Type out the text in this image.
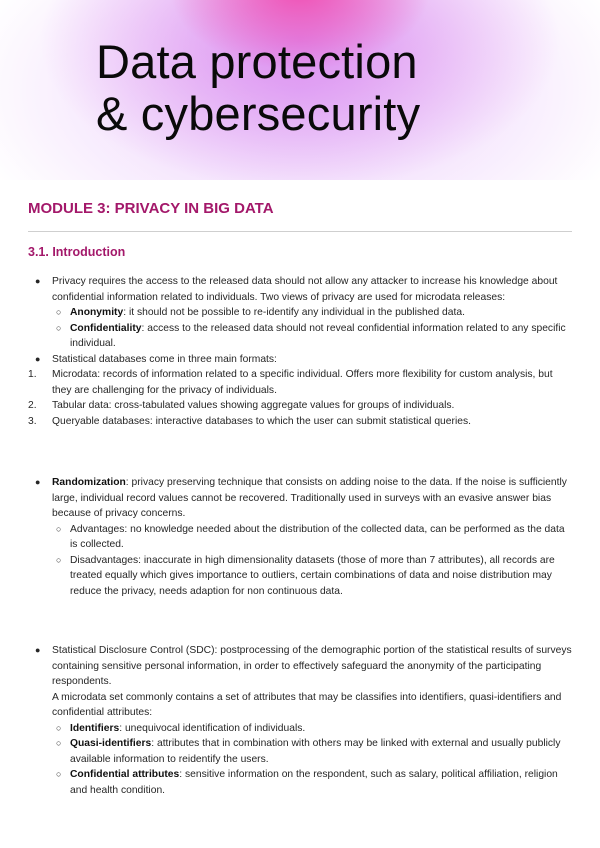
Data protection
& cybersecurity
MODULE 3: PRIVACY IN BIG DATA
3.1. Introduction
● Privacy requires the access to the released data should not allow any attacker to increase his knowledge about confidential information related to individuals. Two views of privacy are used for microdata releases:
○ Anonymity: it should not be possible to re-identify any individual in the published data.
○ Confidentiality: access to the released data should not reveal confidential information related to any specific individual.
● Statistical databases come in three main formats:
1. Microdata: records of information related to a specific individual. Offers more flexibility for custom analysis, but they are challenging for the privacy of individuals.
2. Tabular data: cross-tabulated values showing aggregate values for groups of individuals.
3. Queryable databases: interactive databases to which the user can submit statistical queries.
● Randomization: privacy preserving technique that consists on adding noise to the data. If the noise is sufficiently large, individual record values cannot be recovered. Traditionally used in surveys with an evasive answer bias because of privacy concerns.
○ Advantages: no knowledge needed about the distribution of the collected data, can be performed as the data is collected.
○ Disadvantages: inaccurate in high dimensionality datasets (those of more than 7 attributes), all records are treated equally which gives importance to outliers, certain combinations of data and noise distribution may reduce the privacy, needs adaption for non continuous data.
● Statistical Disclosure Control (SDC): postprocessing of the demographic portion of the statistical results of surveys containing sensitive personal information, in order to effectively safeguard the anonymity of the participating respondents.

A microdata set commonly contains a set of attributes that may be classifies into identifiers, quasi-identifiers and confidential attributes:

○ Identifiers: unequivocal identification of individuals.
○ Quasi-identifiers: attributes that in combination with others may be linked with external and usually publicly available information to reidentify the users.
○ Confidential attributes: sensitive information on the respondent, such as salary, political affiliation, religion and health condition.
